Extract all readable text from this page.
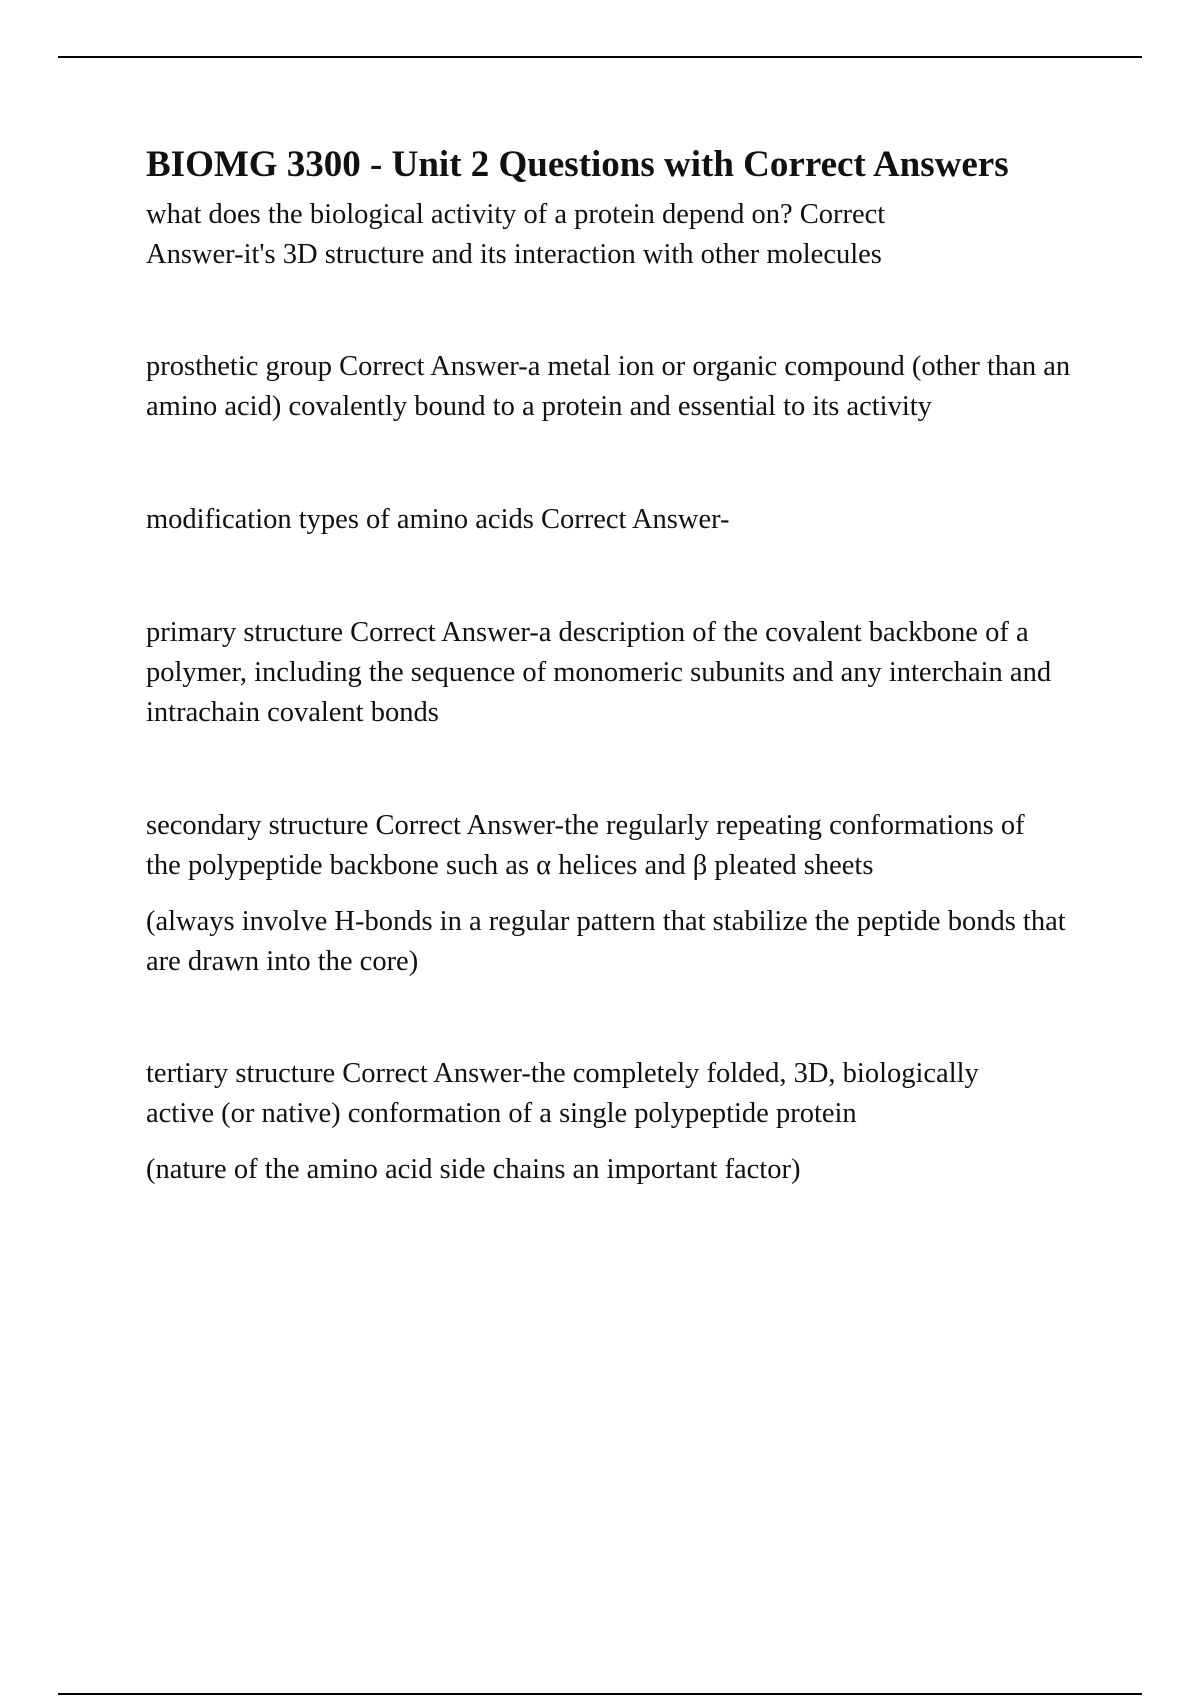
BIOMG 3300 - Unit 2 Questions with Correct Answers

what does the biological activity of a protein depend on? Correct Answer-it's 3D structure and its interaction with other molecules

prosthetic group Correct Answer-a metal ion or organic compound (other than an amino acid) covalently bound to a protein and essential to its activity

modification types of amino acids Correct Answer-

primary structure Correct Answer-a description of the covalent backbone of a polymer, including the sequence of monomeric subunits and any interchain and intrachain covalent bonds

secondary structure Correct Answer-the regularly repeating conformations of the polypeptide backbone such as α helices and β pleated sheets

(always involve H-bonds in a regular pattern that stabilize the peptide bonds that are drawn into the core)

tertiary structure Correct Answer-the completely folded, 3D, biologically active (or native) conformation of a single polypeptide protein

(nature of the amino acid side chains an important factor)
